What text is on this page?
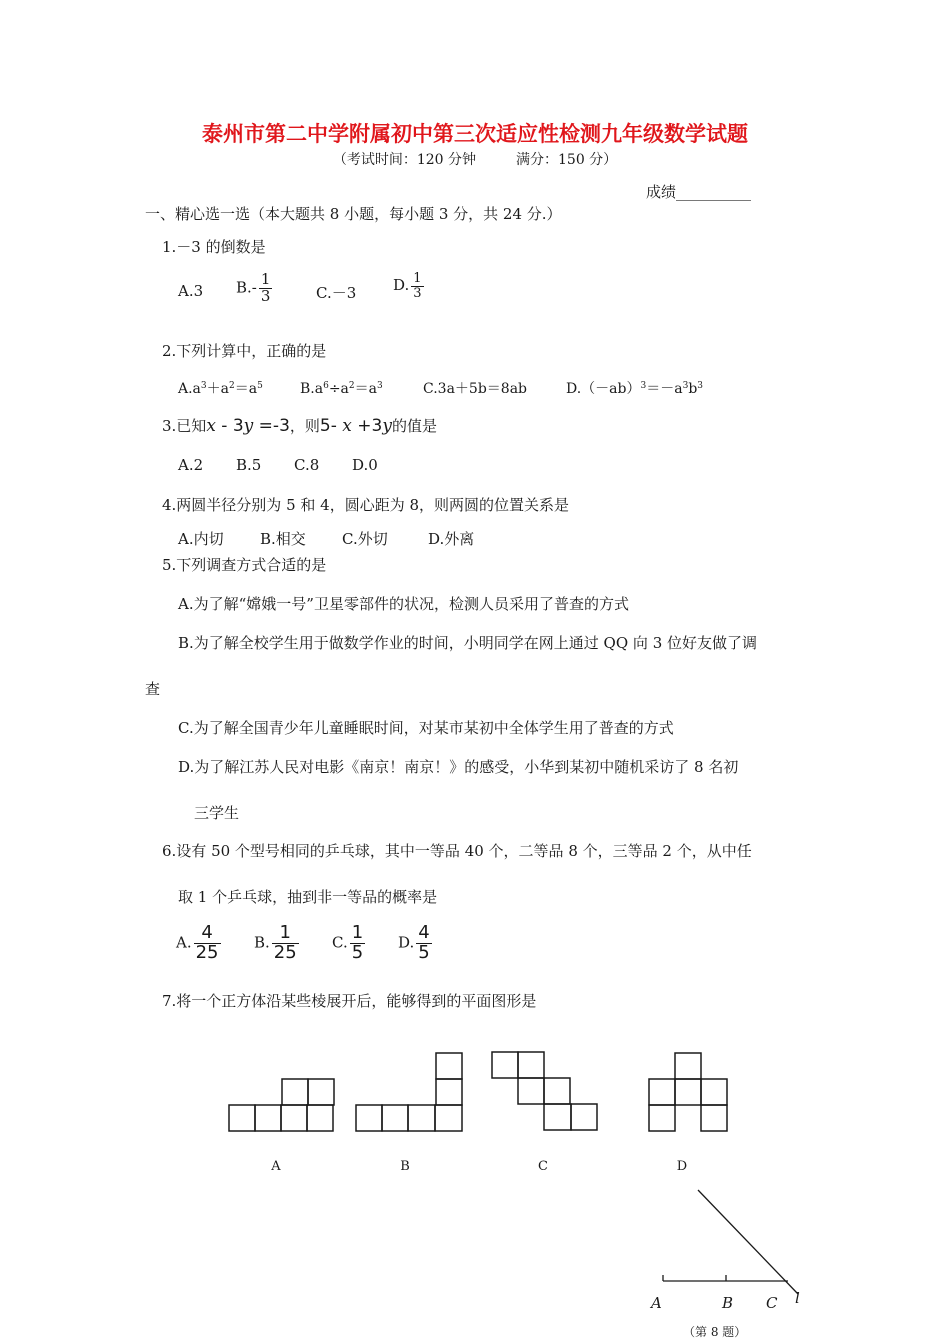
泰州市第二中学附属初中第三次适应性检测九年级数学试题
（考试时间：120 分钟	满分：150 分）
成绩__________
一、精心选一选（本大题共 8 小题，每小题 3 分，共 24 分.）
1.－3 的倒数是
A.3 $B.- \frac{1}{3}$	C.－3 D. $\frac{1}{3}$
2.下列计算中，正确的是
$A.a^3+a^2=a^5$	$B.a^6\div a^2=a^3$	C.3a＋5b＝8ab	$D.(-ab)^3=-a^3b^3$
3.已知x - 3y =-3，则5- x +3y的值是
A.2 B.5 C.8 D.0
4.两圆半径分别为 5 和 4，圆心距为 8，则两圆的位置关系是
A.内切 B.相交 C.外切	D.外离
5.下列调查方式合适的是
A.为了解“嫦娥一号”卫星零部件的状况，检测人员采用了普查的方式
B.为了解全校学生用于做数学作业的时间，小明同学在网上通过 QQ 向 3 位好友做了调
查
C.为了解全国青少年儿童睡眠时间，对某市某初中全体学生用了普查的方式
D.为了解江苏人民对电影《南京！南京！》的感受，小华到某初中随机采访了 8 名初
三学生
6.设有 50 个型号相同的乒乓球，其中一等品 40 个，二等品 8 个，三等品 2 个，从中任
取 1 个乒乓球，抽到非一等品的概率是
A. $\frac{4}{25} B$. $\frac{1}{25} C$. $\frac{1}{5} D$. $\frac{4}{5}$
7.将一个正方体沿某些棱展开后，能够得到的平面图形是
A	B	C	D
A	B C l
（第 8 题）
